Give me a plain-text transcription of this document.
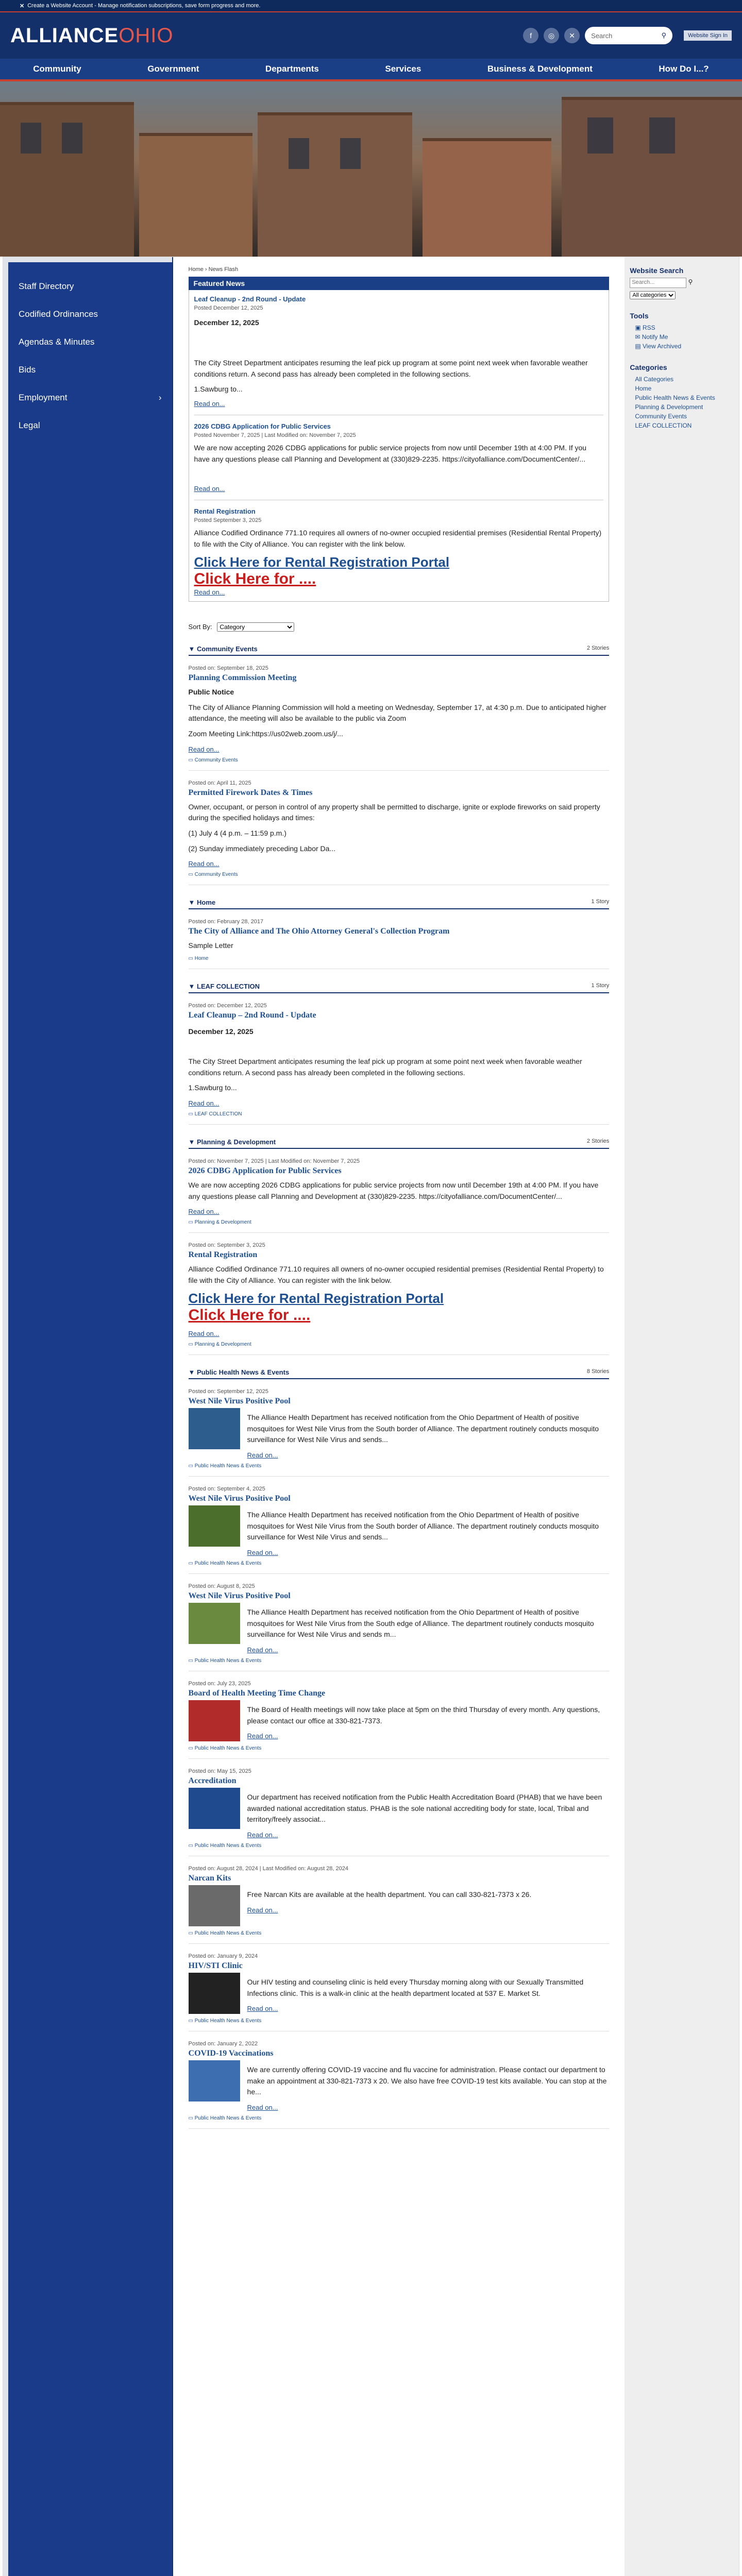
✕ Create a Website Account - Manage notification subscriptions, save form progress and more.
ALLIANCEOHIO	f	◎	✕	Search	⚲	Website Sign In
Community	Government	Departments	Services	Business & Development	How Do I...?
Staff Directory
Codified Ordinances
Agendas & Minutes
Bids
Employment	›
Legal
Home › News Flash
Featured News
Leaf Cleanup - 2nd Round - Update
Posted December 12, 2025
December 12, 2025
The City Street Department anticipates resuming the leaf pick up program at some point next week when favorable weather conditions return. A second pass has already been completed in the following sections.
1.Sawburg to...
Read on...
2026 CDBG Application for Public Services
Posted November 7, 2025 | Last Modified on: November 7, 2025
We are now accepting 2026 CDBG applications for public service projects from now until December 19th at 4:00 PM. If you have any questions please call Planning and Development at (330)829-2235. https://cityofalliance.com/DocumentCenter/...
Read on...
Rental Registration
Posted September 3, 2025
Alliance Codified Ordinance 771.10 requires all owners of no-owner occupied residential premises (Residential Rental Property) to file with the City of Alliance. You can register with the link below.
Click Here for Rental Registration Portal
Click Here for ....
Read on...
Sort By:
Category
▼ Community Events	2 Stories
Posted on: September 18, 2025
Planning Commission Meeting
Public Notice
The City of Alliance Planning Commission will hold a meeting on Wednesday, September 17, at 4:30 p.m. Due to anticipated higher attendance, the meeting will also be available to the public via Zoom
Zoom Meeting Link:https://us02web.zoom.us/j/...
Read on...
▭ Community Events
Posted on: April 11, 2025
Permitted Firework Dates & Times
Owner, occupant, or person in control of any property shall be permitted to discharge, ignite or explode fireworks on said property during the specified holidays and times:
(1) July 4 (4 p.m. – 11:59 p.m.)
(2) Sunday immediately preceding Labor Da...
Read on...
▭ Community Events
▼ Home	1 Story
Posted on: February 28, 2017
The City of Alliance and The Ohio Attorney General's Collection Program
Sample Letter
▭ Home
▼ LEAF COLLECTION	1 Story
Posted on: December 12, 2025
Leaf Cleanup – 2nd Round - Update
December 12, 2025
The City Street Department anticipates resuming the leaf pick up program at some point next week when favorable weather conditions return. A second pass has already been completed in the following sections.
1.Sawburg to...
Read on...
▭ LEAF COLLECTION
▼ Planning & Development	2 Stories
Posted on: November 7, 2025 | Last Modified on: November 7, 2025
2026 CDBG Application for Public Services
We are now accepting 2026 CDBG applications for public service projects from now until December 19th at 4:00 PM. If you have any questions please call Planning and Development at (330)829-2235. https://cityofalliance.com/DocumentCenter/...
Read on...
▭ Planning & Development
Posted on: September 3, 2025
Rental Registration
Alliance Codified Ordinance 771.10 requires all owners of no-owner occupied residential premises (Residential Rental Property) to file with the City of Alliance. You can register with the link below.
Click Here for Rental Registration Portal
Click Here for ....
Read on...
▭ Planning & Development
▼ Public Health News & Events	8 Stories
Posted on: September 12, 2025
West Nile Virus Positive Pool
The Alliance Health Department has received notification from the Ohio Department of Health of positive mosquitoes for West Nile Virus from the South border of Alliance. The department routinely conducts mosquito surveillance for West Nile Virus and sends...
Read on...
▭ Public Health News & Events
Posted on: September 4, 2025
West Nile Virus Positive Pool
The Alliance Health Department has received notification from the Ohio Department of Health of positive mosquitoes for West Nile Virus from the South border of Alliance. The department routinely conducts mosquito surveillance for West Nile Virus and sends...
Read on...
▭ Public Health News & Events
Posted on: August 8, 2025
West Nile Virus Positive Pool
The Alliance Health Department has received notification from the Ohio Department of Health of positive mosquitoes for West Nile Virus from the South edge of Alliance. The department routinely conducts mosquito surveillance for West Nile Virus and sends m...
Read on...
▭ Public Health News & Events
Posted on: July 23, 2025
Board of Health Meeting Time Change
The Board of Health meetings will now take place at 5pm on the third Thursday of every month. Any questions, please contact our office at 330-821-7373.
Read on...
▭ Public Health News & Events
Posted on: May 15, 2025
Accreditation
Our department has received notification from the Public Health Accreditation Board (PHAB) that we have been awarded national accreditation status. PHAB is the sole national accrediting body for state, local, Tribal and territory/freely associat...
Read on...
▭ Public Health News & Events
Posted on: August 28, 2024 | Last Modified on: August 28, 2024
Narcan Kits
Free Narcan Kits are available at the health department. You can call 330-821-7373 x 26.
Read on...
▭ Public Health News & Events
Posted on: January 9, 2024
HIV/STI Clinic
Our HIV testing and counseling clinic is held every Thursday morning along with our Sexually Transmitted Infections clinic. This is a walk-in clinic at the health department located at 537 E. Market St.
Read on...
▭ Public Health News & Events
Posted on: January 2, 2022
COVID-19 Vaccinations
We are currently offering COVID-19 vaccine and flu vaccine for administration. Please contact our department to make an appointment at 330-821-7373 x 20. We also have free COVID-19 test kits available. You can stop at the he...
Read on...
▭ Public Health News & Events
Website Search
Search...	⚲
All categories
Tools
▣ RSS
✉ Notify Me
▤ View Archived
Categories
All Categories
Home
Public Health News & Events
Planning & Development
Community Events
LEAF COLLECTION
